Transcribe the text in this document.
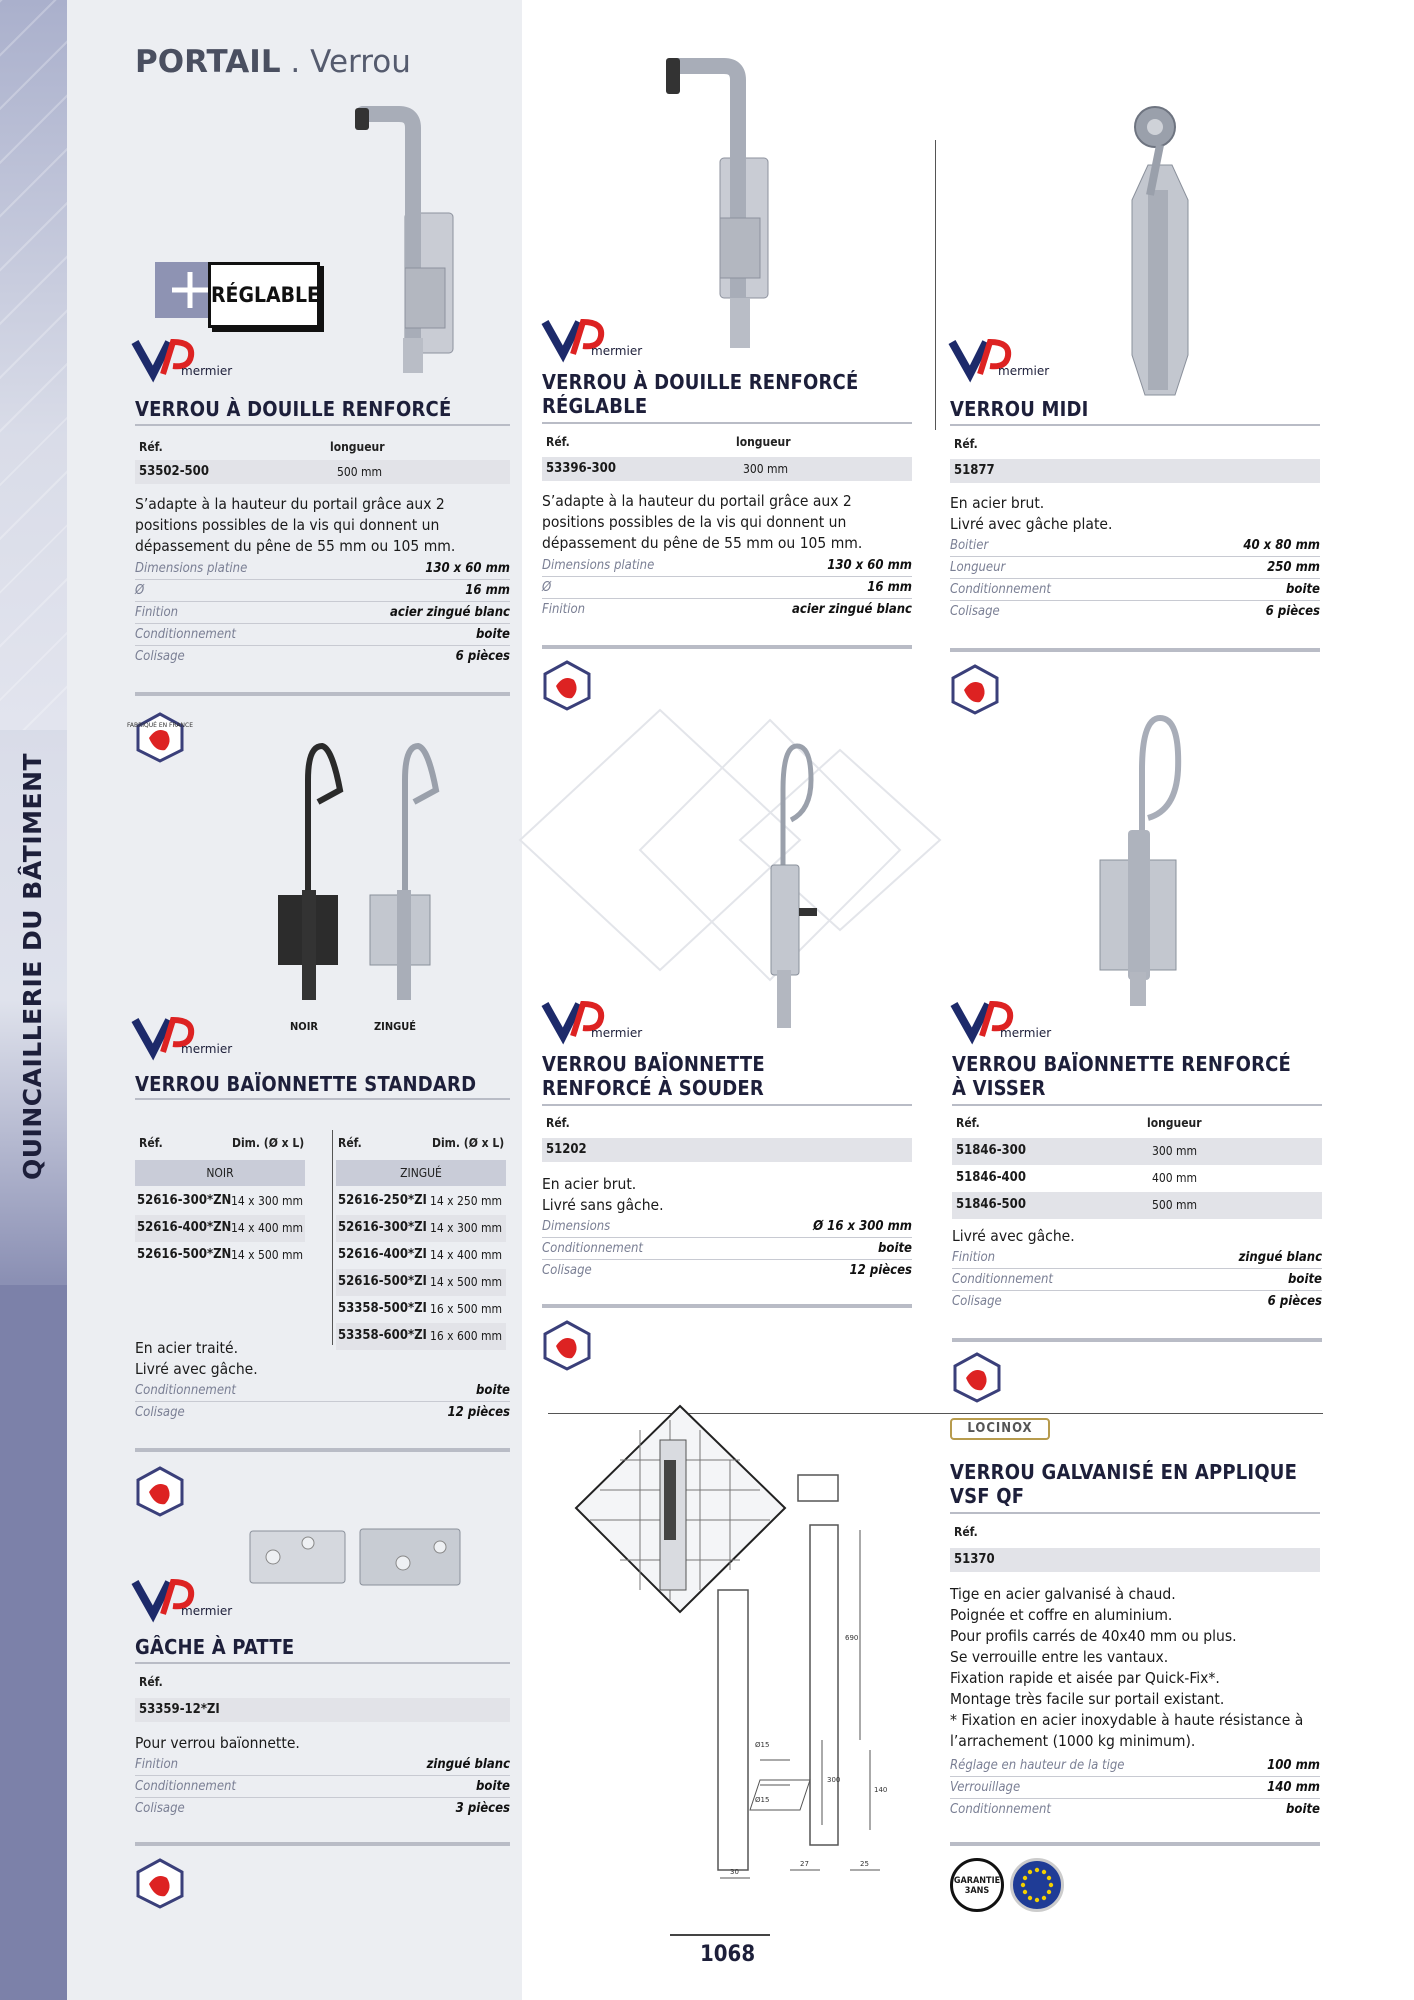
QUINCAILLERIE DU BÂTIMENT
PORTAIL . Verrou
RÉGLABLE
mermier
VERROU À DOUILLE RENFORCÉ
Réf.	longueur
53502-500	500 mm
S’adapte à la hauteur du portail grâce aux 2 positions possibles de la vis qui donnent un dépassement du pêne de 55 mm ou 105 mm.
Dimensions platine	130 x 60 mm
Ø	16 mm
Finition	acier zingué blanc
Conditionnement	boite
Colisage	6 pièces
FABRIQUÉ EN FRANCE
mermier
VERROU À DOUILLE RENFORCÉ
RÉGLABLE
Réf.	longueur
53396-300	300 mm
S’adapte à la hauteur du portail grâce aux 2 positions possibles de la vis qui donnent un dépassement du pêne de 55 mm ou 105 mm.
Dimensions platine	130 x 60 mm
Ø	16 mm
Finition	acier zingué blanc
mermier
VERROU MIDI
Réf.
51877
En acier brut.
Livré avec gâche plate.
Boitier	40 x 80 mm
Longueur	250 mm
Conditionnement	boite
Colisage	6 pièces
NOIR	ZINGUÉ
mermier
VERROU BAÏONNETTE STANDARD
Réf.	Dim. (Ø x L)	Réf.	Dim. (Ø x L)
NOIR	ZINGUÉ
52616-300*ZN 14 x 300 mm
52616-400*ZN 14 x 400 mm
52616-500*ZN 14 x 500 mm
52616-250*ZI 14 x 250 mm
52616-300*ZI 14 x 300 mm
52616-400*ZI 14 x 400 mm
52616-500*ZI 14 x 500 mm
53358-500*ZI 16 x 500 mm
53358-600*ZI 16 x 600 mm
En acier traité.
Livré avec gâche.
Conditionnement	boite
Colisage	12 pièces
mermier
VERROU BAÏONNETTE
RENFORCÉ À SOUDER
Réf.
51202
En acier brut.
Livré sans gâche.
Dimensions	Ø 16 x 300 mm
Conditionnement	boite
Colisage	12 pièces
mermier
VERROU BAÏONNETTE RENFORCÉ
À VISSER
Réf.	longueur
51846-300	300 mm
51846-400	400 mm
51846-500	500 mm
Livré avec gâche.
Finition	zingué blanc
Conditionnement	boite
Colisage	6 pièces
mermier
GÂCHE À PATTE
Réf.
53359-12*ZI
Pour verrou baïonnette.
Finition	zingué blanc
Conditionnement	boite
Colisage	3 pièces
Ø15
Ø15
690
300
140
30
27	25
LOCINOX
VERROU GALVANISÉ EN APPLIQUE
VSF QF
Réf.
51370
Tige en acier galvanisé à chaud.
Poignée et coffre en aluminium.
Pour profils carrés de 40x40 mm ou plus.
Se verrouille entre les vantaux.
Fixation rapide et aisée par Quick-Fix*.
Montage très facile sur portail existant.
* Fixation en acier inoxydable à haute résistance à
l’arrachement (1000 kg minimum).
Réglage en hauteur de la tige	100 mm
Verrouillage	140 mm
Conditionnement	boite
GARANTIE 3ANS
1068
